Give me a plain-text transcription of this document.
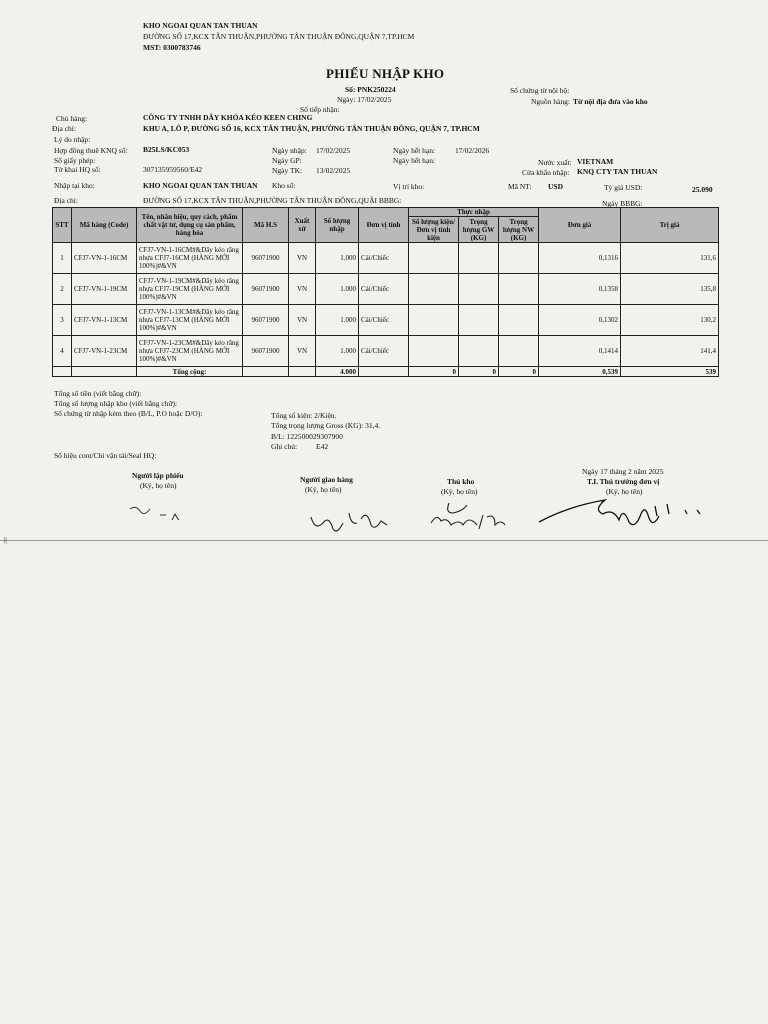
KHO NGOAI QUAN TAN THUAN
ĐƯỜNG SỐ 17,KCX TÂN THUẬN,PHƯỜNG TÂN THUẬN ĐÔNG,QUẬN 7,TP.HCM
MST: 0300783746
PHIẾU NHẬP KHO
Số: PNK250224
Ngày: 17/02/2025
Số tiếp nhận:
Số chứng từ nội bộ:
Nguồn hàng: Từ nội địa đưa vào kho
Chủ hàng:	CÔNG TY TNHH DÂY KHÓA KÉO KEEN CHING
Địa chỉ:	KHU A, LÔ P, ĐƯỜNG SỐ 16, KCX TÂN THUẬN, PHƯỜNG TÂN THUẬN ĐÔNG, QUẬN 7, TP.HCM
Lý do nhập:
Hợp đồng thuê KNQ số: B25LS/KC053	Ngày nhập: 17/02/2025	Ngày hết hạn:	17/02/2026
Số giấy phép:	Ngày GP:	Ngày hết hạn:	Nước xuất: VIETNAM
Tờ khai HQ số:	307135959560/E42	Ngày TK: 13/02/2025	Cửa khẩu nhập: KNQ CTY TAN THUAN
Nhập tại kho:	KHO NGOAI QUAN TAN THUAN Kho số:	Vị trí kho:	Mã NT: USD	Tỷ giá USD:	25.090
Địa chỉ:	ĐƯỜNG SỐ 17,KCX TÂN THUẬN,PHƯỜNG TÂN THUẬN ĐÔNG,QUẬI BBBG:	Ngày BBBG:
STT	Mã hàng (Code)	Tên, nhãn hiệu, quy cách, phẩm chất vật tư, dụng cụ sản phẩm, hàng hóa	Mã H.S	Xuất xứ	Số lượng nhập	Đơn vị tính	Thực nhập			Đơn giá	Trị giá
							Số lượng kiện/ Đơn vị tính kiện	Trọng lượng GW (KG)	Trọng lượng NW (KG)		
1	CFJ7-VN-1-16CM	CFJ7-VN-1-16CM#&Dây kéo răng nhựa CFJ7-16CM (HÀNG MỚI 100%)#&VN	96071900	VN	1.000	Cái/Chiếc				0,1316	131,6
2	CFJ7-VN-1-19CM	CFJ7-VN-1-19CM#&Dây kéo răng nhựa CFJ7-19CM (HÀNG MỚI 100%)#&VN	96071900	VN	1.000	Cái/Chiếc				0,1358	135,8
3	CFJ7-VN-1-13CM	CFJ7-VN-1-13CM#&Dây kéo răng nhựa CFJ7-13CM (HÀNG MỚI 100%)#&VN	96071900	VN	1.000	Cái/Chiếc				0,1302	130,2
4	CFJ7-VN-1-23CM	CFJ7-VN-1-23CM#&Dây kéo răng nhựa CFJ7-23CM (HÀNG MỚI 100%)#&VN	96071900	VN	1.000	Cái/Chiếc				0,1414	141,4
		Tổng cộng:			4.000		0	0	0	0,539	539
Tổng số tiền (viết bằng chữ):
Tổng số lượng nhập kho (viết bằng chữ):
Số chứng từ nhập kèm theo (B/L, P.O hoặc D/O):	Tổng số kiện: 2/Kiện.
Tổng trọng lượng Gross (KG): 31,4.
B/L: 122500029307900
Ghi chú:	E42
Số hiệu cont/Chi vận tải/Seal HQ:
Ngày 17 tháng 2 năm 2025
Người lập phiếu
(Ký, họ tên)
Người giao hàng
(Ký, họ tên)
Thủ kho
(Ký, họ tên)
T.L Thủ trưởng đơn vị
(Ký, họ tên)
||
